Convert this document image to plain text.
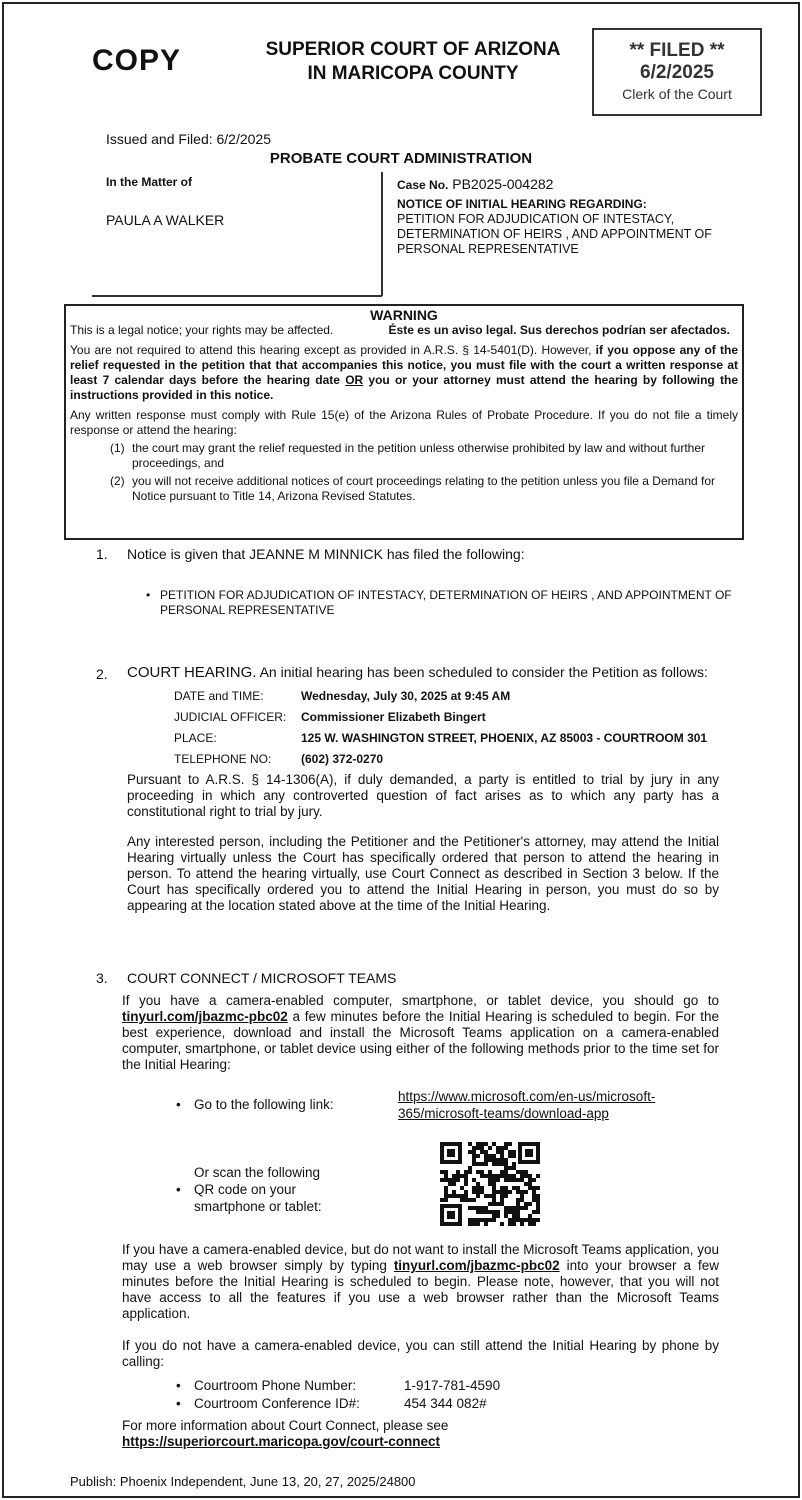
COPY	SUPERIOR COURT OF ARIZONA
IN MARICOPA COUNTY
** FILED **
6/2/2025
Clerk of the Court
Issued and Filed: 6/2/2025
PROBATE COURT ADMINISTRATION
In the Matter of
PAULA A WALKER
Case No. PB2025-004282
NOTICE OF INITIAL HEARING REGARDING:
PETITION FOR ADJUDICATION OF INTESTACY,
DETERMINATION OF HEIRS , AND APPOINTMENT OF
PERSONAL REPRESENTATIVE
WARNING
This is a legal notice; your rights may be affected.	Éste es un aviso legal. Sus derechos podrían ser afectados.

You are not required to attend this hearing except as provided in A.R.S. § 14-5401(D). However, if you oppose any of the relief requested in the petition that that accompanies this notice, you must file with the court a written response at least 7 calendar days before the hearing date OR you or your attorney must attend the hearing by following the instructions provided in this notice.

Any written response must comply with Rule 15(e) of the Arizona Rules of Probate Procedure. If you do not file a timely response or attend the hearing:

(1) the court may grant the relief requested in the petition unless otherwise prohibited by law and without further proceedings, and
(2) you will not receive additional notices of court proceedings relating to the petition unless you file a Demand for Notice pursuant to Title 14, Arizona Revised Statutes.
1. Notice is given that JEANNE M MINNICK has filed the following:
• PETITION FOR ADJUDICATION OF INTESTACY, DETERMINATION OF HEIRS , AND APPOINTMENT OF PERSONAL REPRESENTATIVE
2. COURT HEARING. An initial hearing has been scheduled to consider the Petition as follows:
DATE and TIME:	Wednesday, July 30, 2025 at 9:45 AM
JUDICIAL OFFICER:	Commissioner Elizabeth Bingert
PLACE:	125 W. WASHINGTON STREET, PHOENIX, AZ 85003 - COURTROOM 301
TELEPHONE NO:	(602) 372-0270
Pursuant to A.R.S. § 14-1306(A), if duly demanded, a party is entitled to trial by jury in any proceeding in which any controverted question of fact arises as to which any party has a constitutional right to trial by jury.
Any interested person, including the Petitioner and the Petitioner's attorney, may attend the Initial Hearing virtually unless the Court has specifically ordered that person to attend the hearing in person. To attend the hearing virtually, use Court Connect as described in Section 3 below. If the Court has specifically ordered you to attend the Initial Hearing in person, you must do so by appearing at the location stated above at the time of the Initial Hearing.
3. COURT CONNECT / MICROSOFT TEAMS
If you have a camera-enabled computer, smartphone, or tablet device, you should go to tinyurl.com/jbazmc-pbc02 a few minutes before the Initial Hearing is scheduled to begin. For the best experience, download and install the Microsoft Teams application on a camera-enabled computer, smartphone, or tablet device using either of the following methods prior to the time set for the Initial Hearing:
• Go to the following link:
https://www.microsoft.com/en-us/microsoft-
365/microsoft-teams/download-app
Or scan the following
• QR code on your
smartphone or tablet:
If you have a camera-enabled device, but do not want to install the Microsoft Teams application, you may use a web browser simply by typing tinyurl.com/jbazmc-pbc02 into your browser a few minutes before the Initial Hearing is scheduled to begin. Please note, however, that you will not have access to all the features if you use a web browser rather than the Microsoft Teams application.
If you do not have a camera-enabled device, you can still attend the Initial Hearing by phone by calling:
• Courtroom Phone Number:	1-917-781-4590
• Courtroom Conference ID#:	454 344 082#
For more information about Court Connect, please see
https://superiorcourt.maricopa.gov/court-connect
Publish: Phoenix Independent, June 13, 20, 27, 2025/24800
